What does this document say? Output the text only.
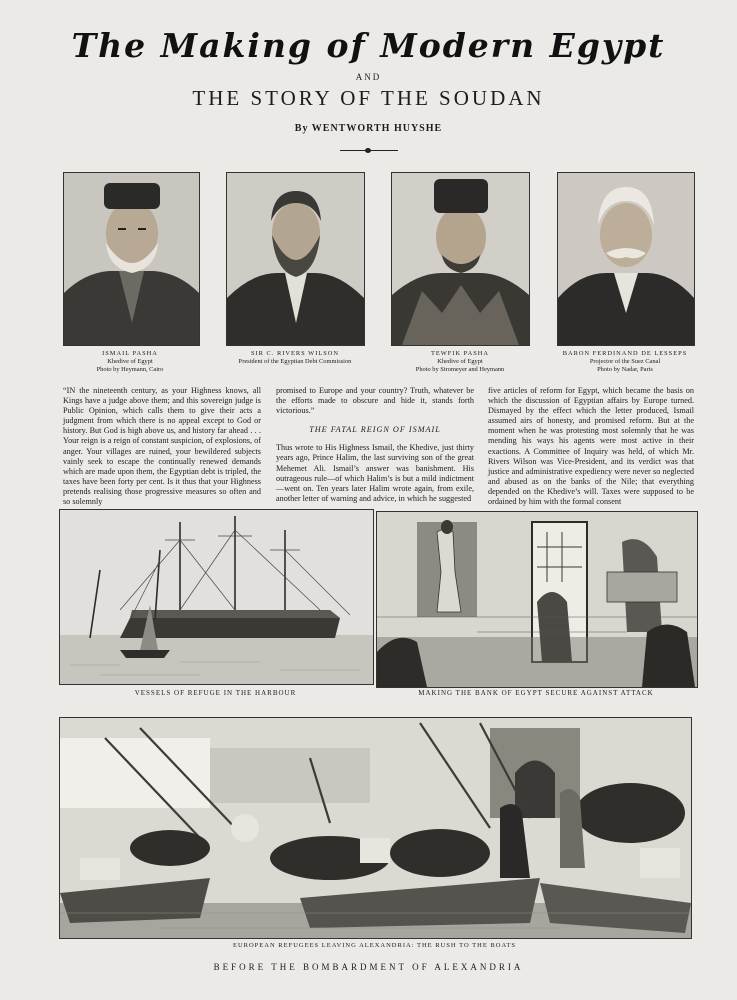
The Making of Modern Egypt
AND
THE STORY OF THE SOUDAN
By WENTWORTH HUYSHE
ISMAIL PASHA
Khedive of Egypt
Photo by Heymann, Cairo
SIR C. RIVERS WILSON
President of the Egyptian Debt Commission
TEWFIK PASHA
Khedive of Egypt
Photo by Stromeyer and Heymann
BARON FERDINAND DE LESSEPS
Projector of the Suez Canal
Photo by Nadar, Paris

“IN the nineteenth century, as your Highness knows, all Kings have a judge above them; and this sovereign judge is Public Opinion, which calls them to give their acts a judgment from which there is no appeal except to God or history. But God is high above us, and history far ahead . . . Your reign is a reign of constant suspicion, of explosions, of anger. Your villages are ruined, your bewildered subjects vainly seek to escape the continually renewed demands which are made upon them, the Egyptian debt is tripled, the taxes have been forty per cent. Is it thus that your Highness pretends realising those progressive measures so often and so solemnly

promised to Europe and your country? Truth, whatever be the efforts made to obscure and hide it, stands forth victorious.”

THE FATAL REIGN OF ISMAIL

Thus wrote to His Highness Ismail, the Khedive, just thirty years ago, Prince Halim, the last surviving son of the great Mehemet Ali. Ismail’s answer was banishment. His outrageous rule—of which Halim’s is but a mild indictment—went on. Ten years later Halim wrote again, from exile, another letter of warning and advice, in which he suggested

five articles of reform for Egypt, which became the basis on which the discussion of Egyptian affairs by Europe turned. Dismayed by the effect which the letter produced, Ismail assumed airs of honesty, and promised reform. But at the moment when he was protesting most solemnly that he was mending his ways his agents were most active in their exactions. A Committee of Inquiry was held, of which Mr. Rivers Wilson was Vice-President, and its verdict was that justice and administrative expediency were never so neglected and abused as on the banks of the Nile; that everything depended on the Khedive’s will. Taxes were supposed to be ordained by him with the formal consent

VESSELS OF REFUGE IN THE HARBOUR	MAKING THE BANK OF EGYPT SECURE AGAINST ATTACK
EUROPEAN REFUGEES LEAVING ALEXANDRIA: THE RUSH TO THE BOATS
BEFORE THE BOMBARDMENT OF ALEXANDRIA
